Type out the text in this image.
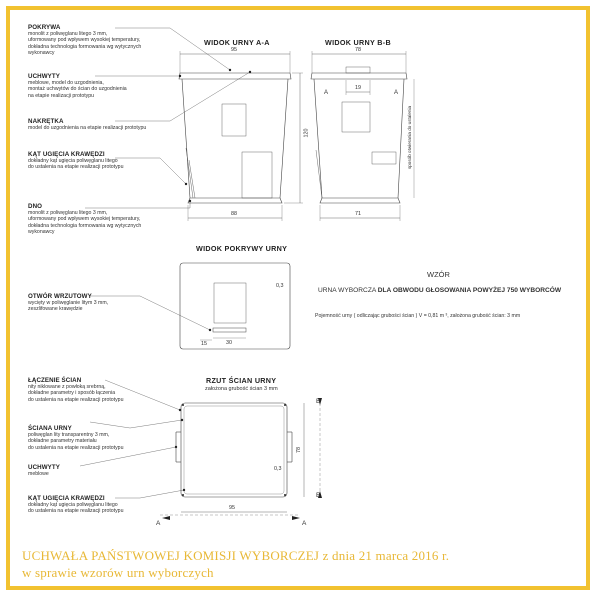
WIDOK URNY A-A	WIDOK URNY B-B
WIDOK POKRYWY URNY
RZUT ŚCIAN URNY
założona grubość ścian 3 mm
POKRYWA
monolit z poliwęglanu litego 3 mm,
uformowany pod wpływem wysokiej temperatury,
dokładna technologia formowania wg wytycznych
wykonawcy
UCHWYTY
meblowe, model do uzgodnienia,
montaż uchwytów do ścian do uzgodnienia
na etapie realizacji prototypu
NAKRĘTKA
model do uzgodnienia na etapie realizacji prototypu
KĄT UGIĘCIA KRAWĘDZI
dokładny kąt ugięcia poliwęglanu litego
do ustalenia na etapie realizacji prototypu
DNO
monolit z poliwęglanu litego 3 mm,
uformowany pod wpływem wysokiej temperatury,
dokładna technologia formowania wg wytycznych
wykonawcy
OTWÓR WRZUTOWY
wycięty w poliwęglanie litym 3 mm,
zeszlifowane krawędzie
ŁĄCZENIE ŚCIAN
nity niklowane z powłoką srebrną,
dokładne parametry i sposób łączenia
do ustalenia na etapie realizacji prototypu
ŚCIANA URNY
poliwęglan lity transparentny 3 mm,
dokładne parametry materiału
do ustalenia na etapie realizacji prototypu
UCHWYTY
meblowe
KĄT UGIĘCIA KRAWĘDZI
dokładny kąt ugięcia poliwęglanu litego
do ustalenia na etapie realizacji prototypu
95
120
88
78
19
71
0,3
30
15
95
78
0,3
A	A
A	A
B
B
sposób otwierania do ustalenia
WZÓR
URNA WYBORCZA DLA OBWODU GŁOSOWANIA POWYŻEJ 750 WYBORCÓW
Pojemność urny ( odliczając grubości ścian ) V = 0,81 m ³, założona grubość ścian: 3 mm
UCHWAŁA PAŃSTWOWEJ KOMISJI WYBORCZEJ z dnia 21 marca 2016 r.
w sprawie wzorów urn wyborczych
